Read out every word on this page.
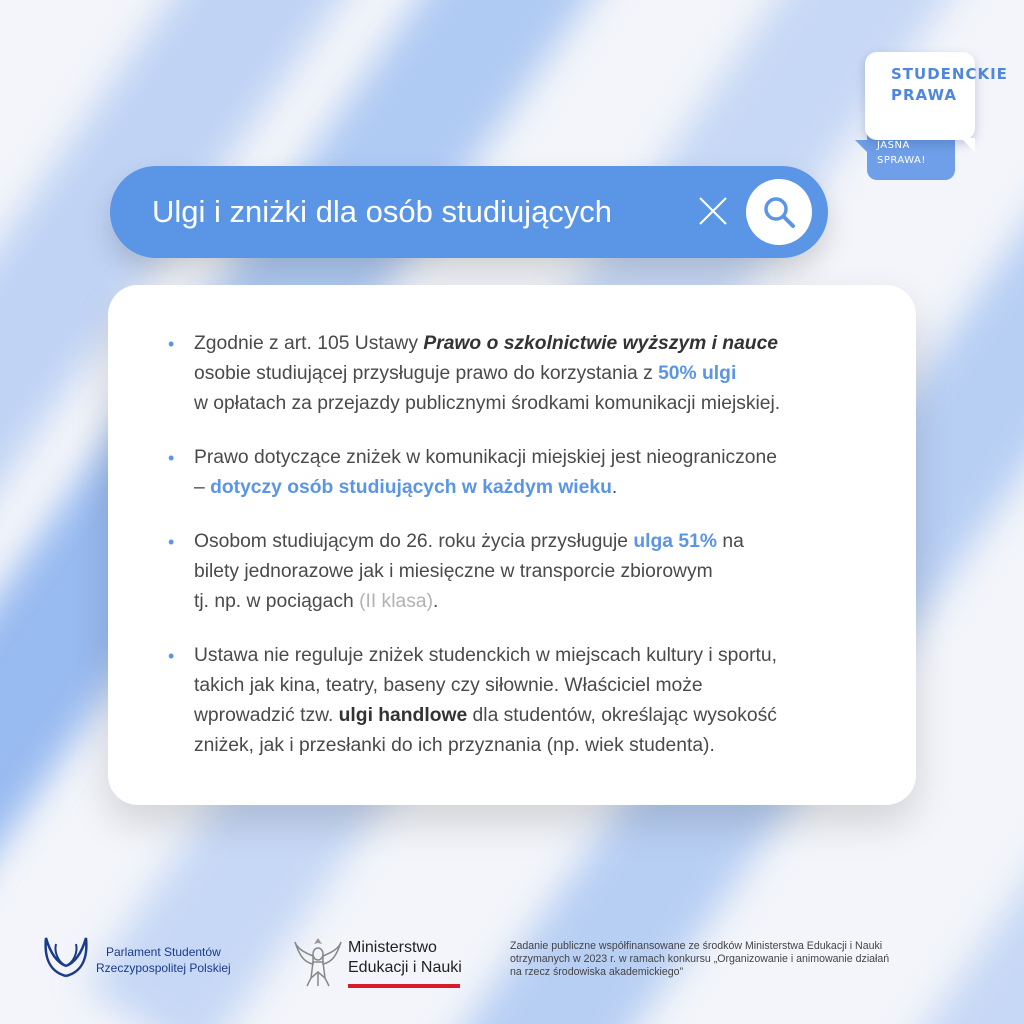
STUDENCKIE
PRAWA
JASNA
SPRAWA!
Ulgi i zniżki dla osób studiujących
• Zgodnie z art. 105 Ustawy Prawo o szkolnictwie wyższym i nauce
osobie studiującej przysługuje prawo do korzystania z 50% ulgi
w opłatach za przejazdy publicznymi środkami komunikacji miejskiej.
• Prawo dotyczące zniżek w komunikacji miejskiej jest nieograniczone
– dotyczy osób studiujących w każdym wieku.
• Osobom studiującym do 26. roku życia przysługuje ulga 51% na
bilety jednorazowe jak i miesięczne w transporcie zbiorowym
tj. np. w pociągach (II klasa).
• Ustawa nie reguluje zniżek studenckich w miejscach kultury i sportu,
takich jak kina, teatry, baseny czy siłownie. Właściciel może
wprowadzić tzw. ulgi handlowe dla studentów, określając wysokość
zniżek, jak i przesłanki do ich przyznania (np. wiek studenta).
Parlament Studentów
Rzeczypospolitej Polskiej
Ministerstwo
Edukacji i Nauki
Zadanie publiczne współfinansowane ze środków Ministerstwa Edukacji i Nauki
otrzymanych w 2023 r. w ramach konkursu „Organizowanie i animowanie działań
na rzecz środowiska akademickiego”
